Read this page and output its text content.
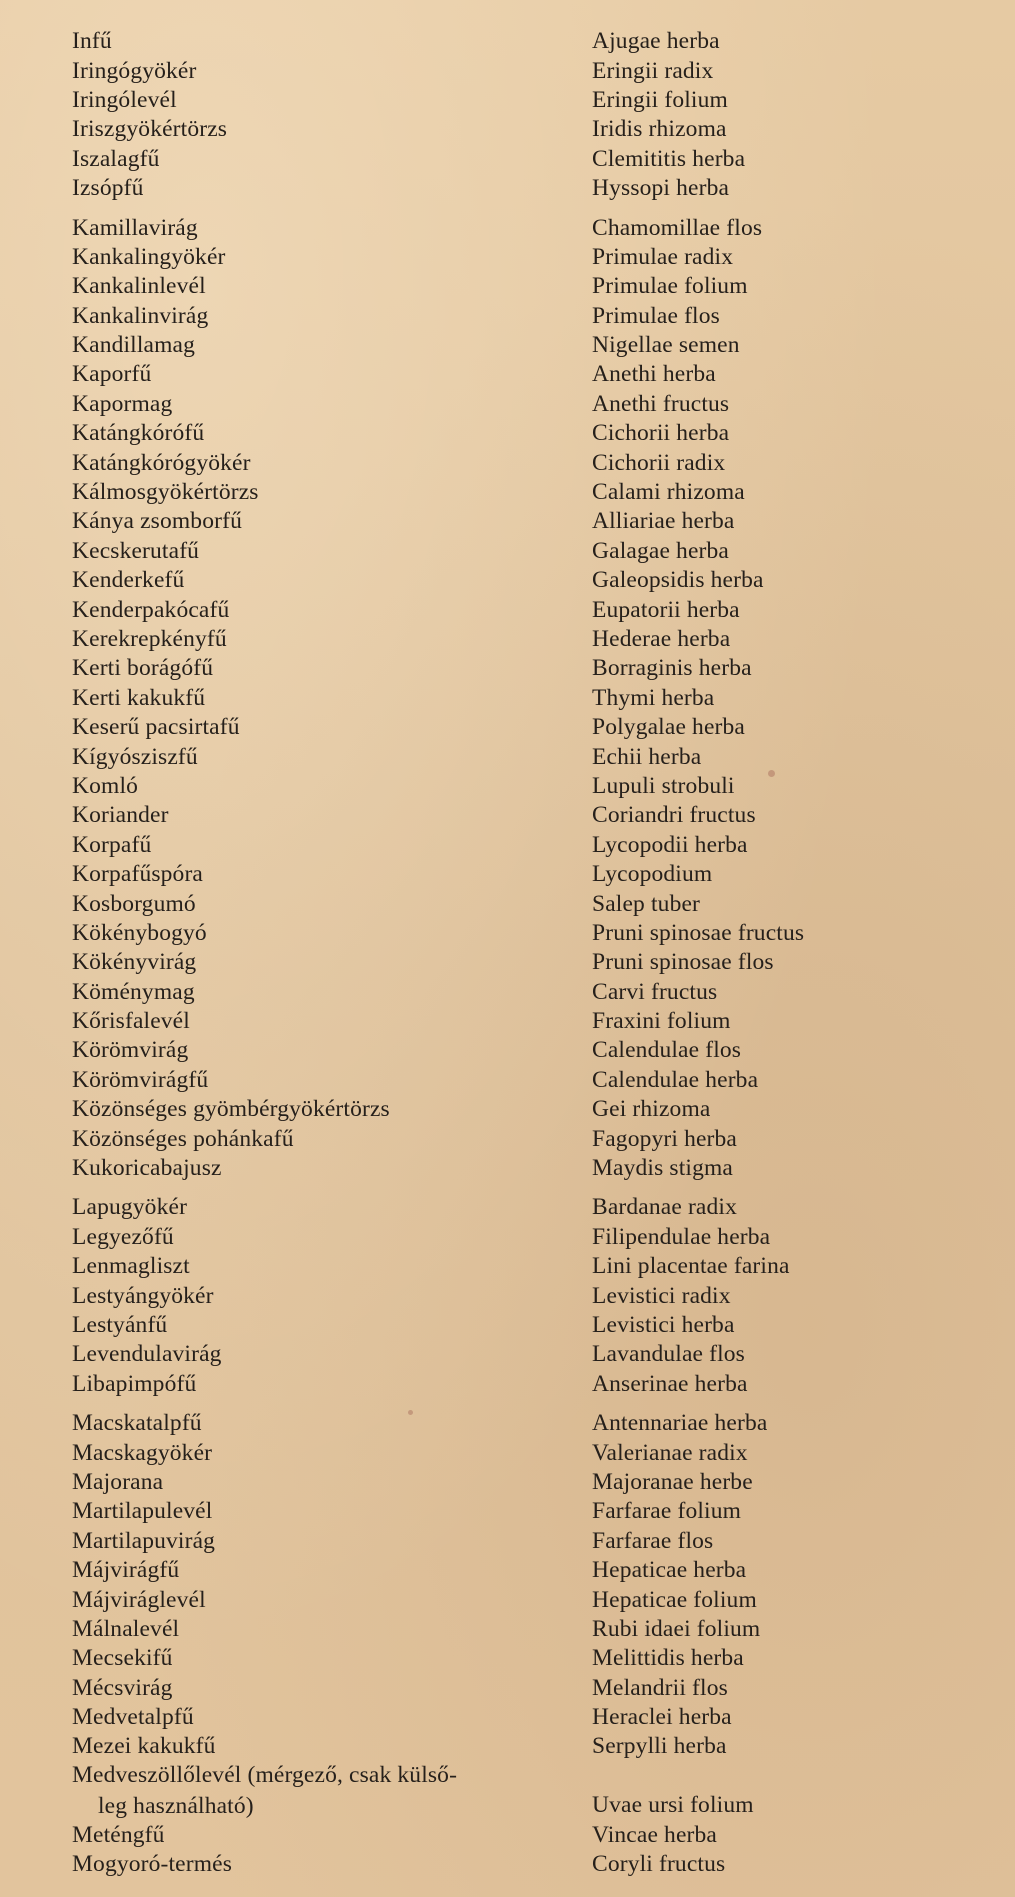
Infű	Ajugae herba
Iringógyökér	Eringii radix
Iringólevél	Eringii folium
Iriszgyökértörzs	Iridis rhizoma
Iszalagfű	Clemititis herba
Izsópfű	Hyssopi herba
Kamillavirág	Chamomillae flos
Kankalingyökér	Primulae radix
Kankalinlevél	Primulae folium
Kankalinvirág	Primulae flos
Kandillamag	Nigellae semen
Kaporfű	Anethi herba
Kapormag	Anethi fructus
Katángkórófű	Cichorii herba
Katángkórógyökér	Cichorii radix
Kálmosgyökértörzs	Calami rhizoma
Kánya zsomborfű	Alliariae herba
Kecskerutafű	Galagae herba
Kenderkefű	Galeopsidis herba
Kenderpakócafű	Eupatorii herba
Kerekrepkényfű	Hederae herba
Kerti borágófű	Borraginis herba
Kerti kakukfű	Thymi herba
Keserű pacsirtafű	Polygalae herba
Kígyósziszfű	Echii herba
Komló	Lupuli strobuli
Koriander	Coriandri fructus
Korpafű	Lycopodii herba
Korpafűspóra	Lycopodium
Kosborgumó	Salep tuber
Kökénybogyó	Pruni spinosae fructus
Kökényvirág	Pruni spinosae flos
Köménymag	Carvi fructus
Kőrisfalevél	Fraxini folium
Körömvirág	Calendulae flos
Körömvirágfű	Calendulae herba
Közönséges gyömbérgyökértörzs	Gei rhizoma
Közönséges pohánkafű	Fagopyri herba
Kukoricabajusz	Maydis stigma
Lapugyökér	Bardanae radix
Legyezőfű	Filipendulae herba
Lenmagliszt	Lini placentae farina
Lestyángyökér	Levistici radix
Lestyánfű	Levistici herba
Levendulavirág	Lavandulae flos
Libapimpófű	Anserinae herba
Macskatalpfű	Antennariae herba
Macskagyökér	Valerianae radix
Majorana	Majoranae herbe
Martilapulevél	Farfarae folium
Martilapuvirág	Farfarae flos
Májvirágfű	Hepaticae herba
Májviráglevél	Hepaticae folium
Málnalevél	Rubi idaei folium
Mecsekifű	Melittidis herba
Mécsvirág	Melandrii flos
Medvetalpfű	Heraclei herba
Mezei kakukfű	Serpylli herba
Medveszöllőlevél (mérgező, csak külső-
leg használható)	Uvae ursi folium
Meténgfű	Vincae herba
Mogyoró-termés	Coryli fructus
